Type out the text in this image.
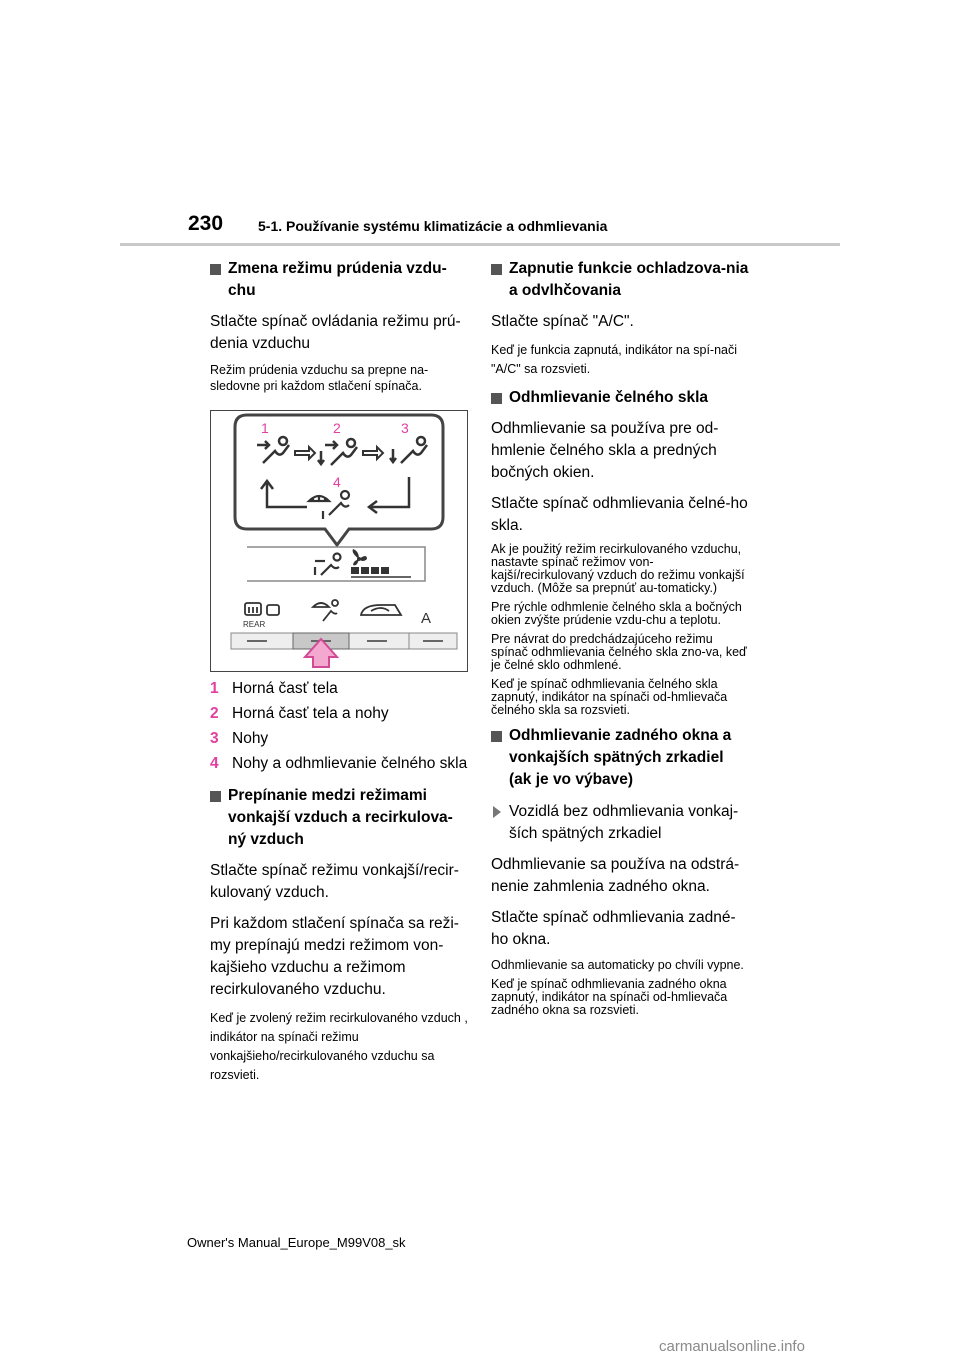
230 5-1. Používanie systému klimatizácie a odhmlievania
Zmena režimu prúdenia vzdu-chu
Stlačte spínač ovládania režimu prú-denia vzduchu
Režim prúdenia vzduchu sa prepne na-sledovne pri každom stlačení spínača.
1	2	3
4
REAR	A
1 Horná časť tela
2 Horná časť tela a nohy
3 Nohy
4 Nohy a odhmlievanie čelného skla
Prepínanie medzi režimami vonkajší vzduch a recirkulova-ný vzduch
Stlačte spínač režimu vonkajší/recir-kulovaný vzduch.
Pri každom stlačení spínača sa reži-my prepínajú medzi režimom von-kajšieho vzduchu a režimom recirkulovaného vzduchu.
Keď je zvolený režim recirkulovaného vzduch , indikátor na spínači režimu vonkajšieho/recirkulovaného vzduchu sa rozsvieti.
Zapnutie funkcie ochladzova-nia a odvlhčovania
Stlačte spínač "A/C".
Keď je funkcia zapnutá, indikátor na spí-nači "A/C" sa rozsvieti.
Odhmlievanie čelného skla
Odhmlievanie sa používa pre od-hmlenie čelného skla a predných bočných okien.
Stlačte spínač odhmlievania čelné-ho skla.
Ak je použitý režim recirkulovaného vzduchu, nastavte spínač režimov von-kajší/recirkulovaný vzduch do režimu vonkajší vzduch. (Môže sa prepnúť au-tomaticky.)
Pre rýchle odhmlenie čelného skla a bočných okien zvýšte prúdenie vzdu-chu a teplotu.
Pre návrat do predchádzajúceho režimu spínač odhmlievania čelného skla zno-va, keď je čelné sklo odhmlené.
Keď je spínač odhmlievania čelného skla zapnutý, indikátor na spínači od-hmlievača čelného skla sa rozsvieti.
Odhmlievanie zadného okna a vonkajších spätných zrkadiel (ak je vo výbave)
Vozidlá bez odhmlievania vonkaj-ších spätných zrkadiel
Odhmlievanie sa používa na odstrá-nenie zahmlenia zadného okna.
Stlačte spínač odhmlievania zadné-ho okna.
Odhmlievanie sa automaticky po chvíli vypne.
Keď je spínač odhmlievania zadného okna zapnutý, indikátor na spínači od-hmlievača zadného okna sa rozsvieti.
Owner's Manual_Europe_M99V08_sk
carmanualsonline.info
